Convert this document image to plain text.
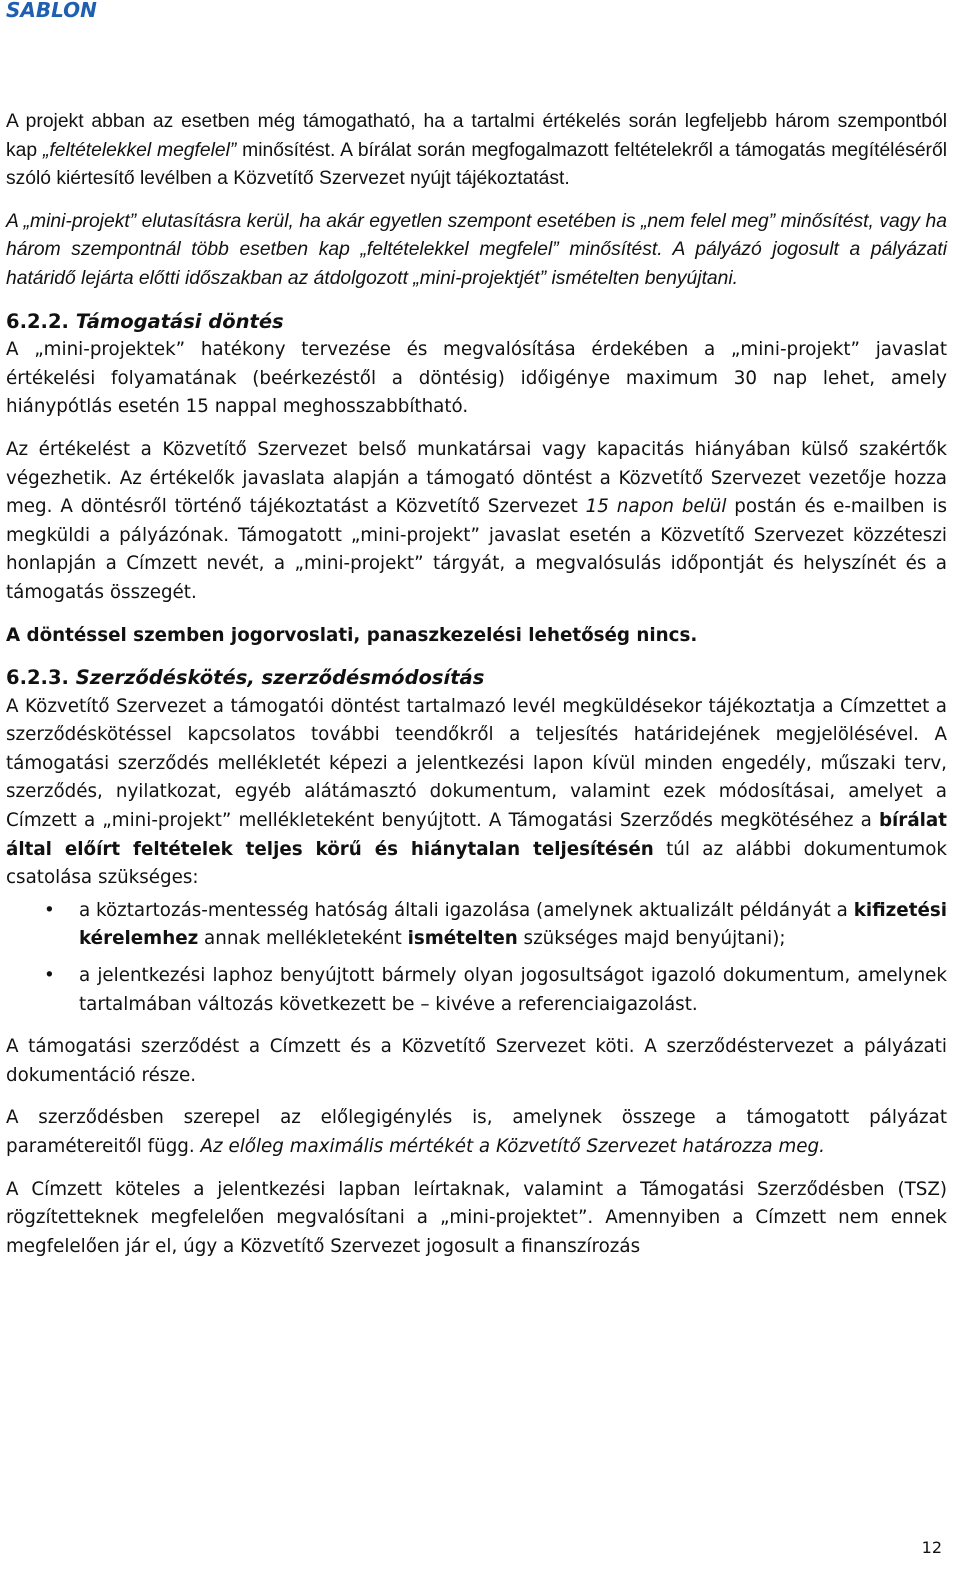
SABLON

A projekt abban az esetben még támogatható, ha a tartalmi értékelés során legfeljebb három szempontból kap „feltételekkel megfelel” minősítést. A bírálat során megfogalmazott feltételekről a támogatás megítéléséről szóló kiértesítő levélben a Közvetítő Szervezet nyújt tájékoztatást.

A „mini-projekt” elutasításra kerül, ha akár egyetlen szempont esetében is „nem felel meg” minősítést, vagy ha három szempontnál több esetben kap „feltételekkel megfelel” minősítést. A pályázó jogosult a pályázati határidő lejárta előtti időszakban az átdolgozott „mini-projektjét” ismételten benyújtani.

6.2.2. Támogatási döntés

A „mini-projektek” hatékony tervezése és megvalósítása érdekében a „mini-projekt” javaslat értékelési folyamatának (beérkezéstől a döntésig) időigénye maximum 30 nap lehet, amely hiánypótlás esetén 15 nappal meghosszabbítható.

Az értékelést a Közvetítő Szervezet belső munkatársai vagy kapacitás hiányában külső szakértők végezhetik. Az értékelők javaslata alapján a támogató döntést a Közvetítő Szervezet vezetője hozza meg. A döntésről történő tájékoztatást a Közvetítő Szervezet 15 napon belül postán és e-mailben is megküldi a pályázónak. Támogatott „mini-projekt” javaslat esetén a Közvetítő Szervezet közzéteszi honlapján a Címzett nevét, a „mini-projekt” tárgyát, a megvalósulás időpontját és helyszínét és a támogatás összegét.

A döntéssel szemben jogorvoslati, panaszkezelési lehetőség nincs.

6.2.3. Szerződéskötés, szerződésmódosítás

A Közvetítő Szervezet a támogatói döntést tartalmazó levél megküldésekor tájékoztatja a Címzettet a szerződéskötéssel kapcsolatos további teendőkről a teljesítés határidejének megjelölésével. A támogatási szerződés mellékletét képezi a jelentkezési lapon kívül minden engedély, műszaki terv, szerződés, nyilatkozat, egyéb alátámasztó dokumentum, valamint ezek módosításai, amelyet a Címzett a „mini-projekt” mellékleteként benyújtott. A Támogatási Szerződés megkötéséhez a bírálat által előírt feltételek teljes körű és hiánytalan teljesítésén túl az alábbi dokumentumok csatolása szükséges:

• a köztartozás-mentesség hatóság általi igazolása (amelynek aktualizált példányát a kifizetési kérelemhez annak mellékleteként ismételten szükséges majd benyújtani);
• a jelentkezési laphoz benyújtott bármely olyan jogosultságot igazoló dokumentum, amelynek tartalmában változás következett be – kivéve a referenciaigazolást.

A támogatási szerződést a Címzett és a Közvetítő Szervezet köti. A szerződéstervezet a pályázati dokumentáció része.

A szerződésben szerepel az előlegigénylés is, amelynek összege a támogatott pályázat paramétereitől függ. Az előleg maximális mértékét a Közvetítő Szervezet határozza meg.

A Címzett köteles a jelentkezési lapban leírtaknak, valamint a Támogatási Szerződésben (TSZ) rögzítetteknek megfelelően megvalósítani a „mini-projektet”. Amennyiben a Címzett nem ennek megfelelően jár el, úgy a Közvetítő Szervezet jogosult a finanszírozás

12
